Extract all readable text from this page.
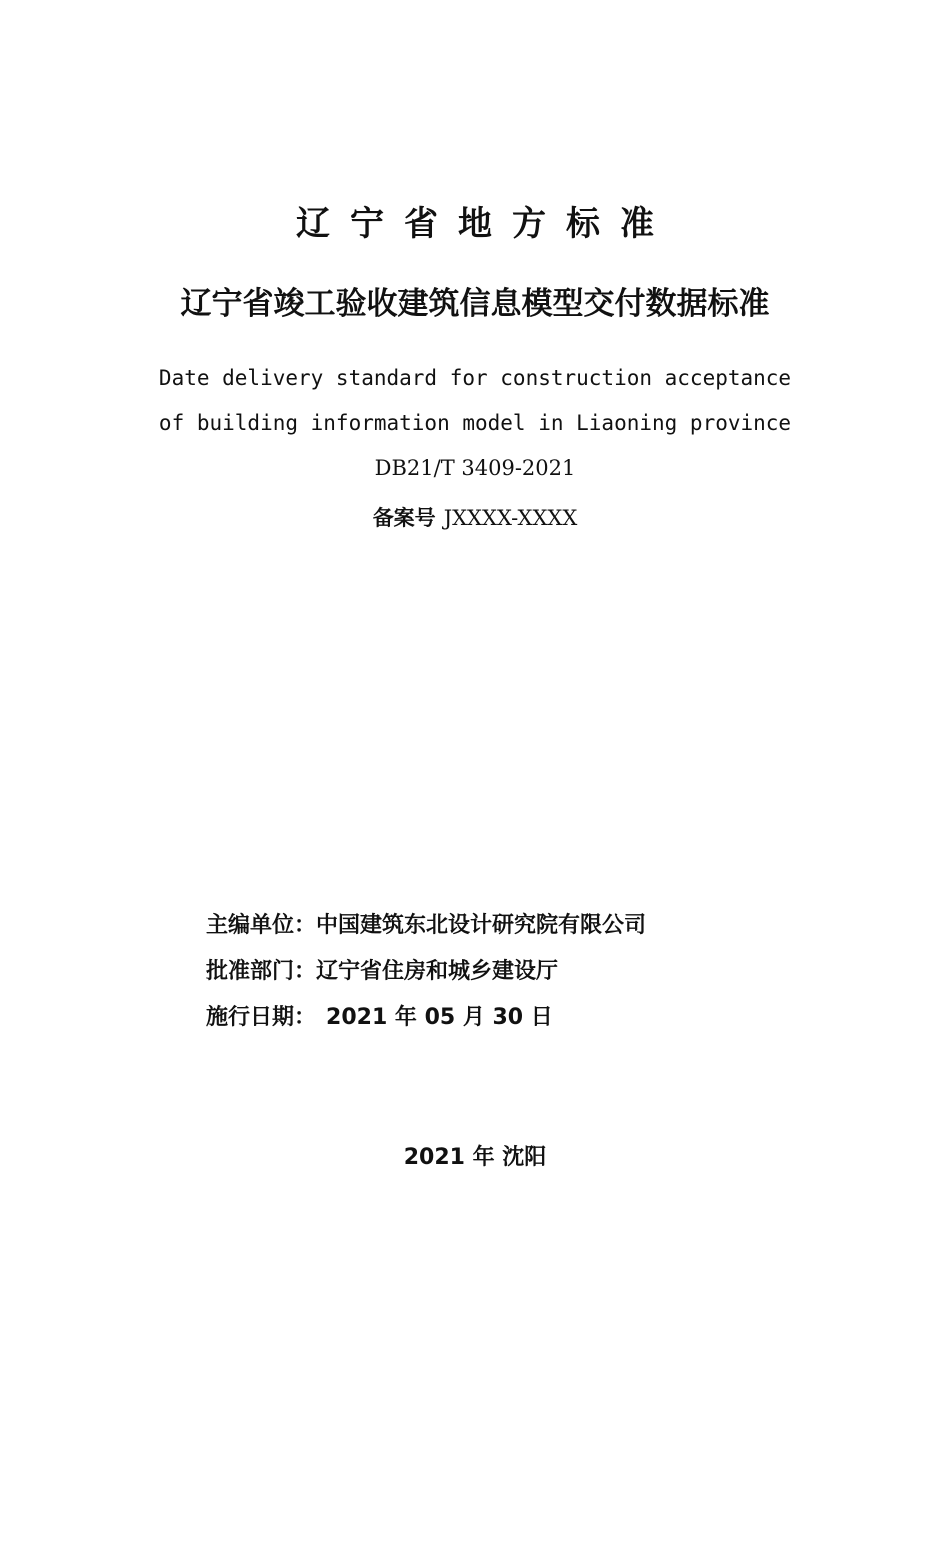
辽宁省地方标准
辽宁省竣工验收建筑信息模型交付数据标准
Date delivery standard for construction acceptance
of building information model in Liaoning province
DB21/T 3409-2021
备案号 JXXXX-XXXX
主编单位：中国建筑东北设计研究院有限公司
批准部门：辽宁省住房和城乡建设厅
施行日期： 2021 年 05 月 30 日
2021 年 沈阳
